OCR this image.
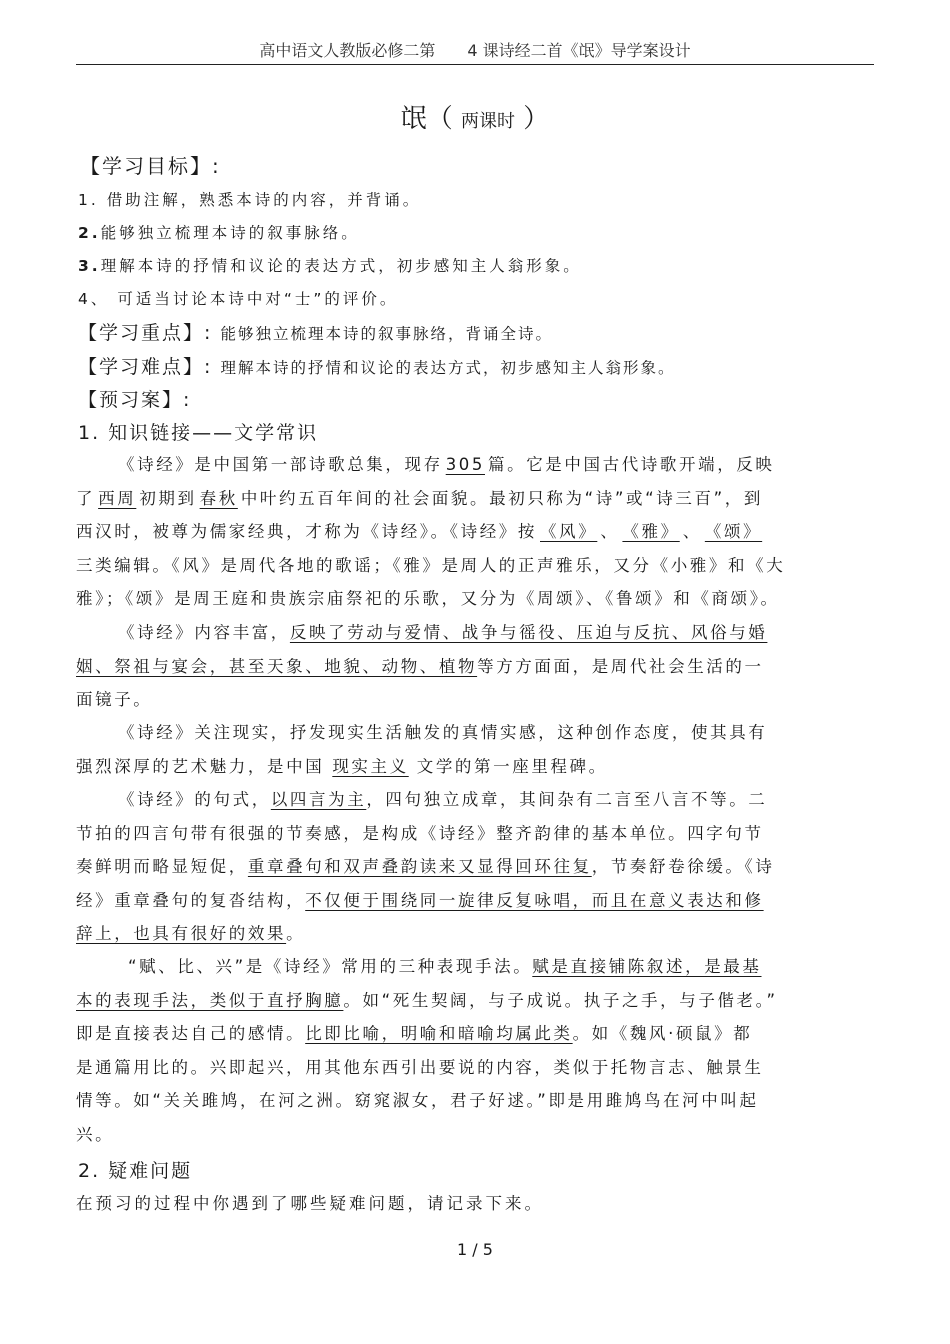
高中语文人教版必修二第　　4 课诗经二首《氓》导学案设计
氓（ 两课时 ）
【学习目标】:
1. 借助注解，熟悉本诗的内容，并背诵。
2.能够独立梳理本诗的叙事脉络。
3.理解本诗的抒情和议论的表达方式，初步感知主人翁形象。
4、 可适当讨论本诗中对“士”的评价。
【学习重点】: 能够独立梳理本诗的叙事脉络，背诵全诗。
【学习难点】: 理解本诗的抒情和议论的表达方式，初步感知主人翁形象。
【预习案】:
1. 知识链接——文学常识
《诗经》是中国第一部诗歌总集，现存 305 篇。它是中国古代诗歌开端，反映
了 西周 初期到 春秋 中叶约五百年间的社会面貌。最初只称为“诗”或“诗三百”，到
西汉时，被尊为儒家经典，才称为《诗经》。《诗经》按 《风》 、 《雅》 、 《颂》
三类编辑。《风》是周代各地的歌谣；《雅》是周人的正声雅乐，又分《小雅》和《大
雅》；《颂》是周王庭和贵族宗庙祭祀的乐歌，又分为《周颂》、《鲁颂》和《商颂》。
《诗经》内容丰富，反映了劳动与爱情、战争与徭役、压迫与反抗、风俗与婚
姻、祭祖与宴会，甚至天象、地貌、动物、植物等方方面面，是周代社会生活的一
面镜子。
《诗经》关注现实，抒发现实生活触发的真情实感，这种创作态度，使其具有
强烈深厚的艺术魅力，是中国 现实主义 文学的第一座里程碑。
《诗经》的句式，以四言为主，四句独立成章，其间杂有二言至八言不等。二
节拍的四言句带有很强的节奏感，是构成《诗经》整齐韵律的基本单位。四字句节
奏鲜明而略显短促，重章叠句和双声叠韵读来又显得回环往复，节奏舒卷徐缓。《诗
经》重章叠句的复沓结构，不仅便于围绕同一旋律反复咏唱，而且在意义表达和修
辞上，也具有很好的效果。
“赋、比、兴”是《诗经》常用的三种表现手法。赋是直接铺陈叙述，是最基
本的表现手法，类似于直抒胸臆。如“死生契阔，与子成说。执子之手，与子偕老。”
即是直接表达自己的感情。比即比喻，明喻和暗喻均属此类。如《魏风·硕鼠》都
是通篇用比的。兴即起兴，用其他东西引出要说的内容，类似于托物言志、触景生
情等。如“关关雎鸠，在河之洲。窈窕淑女，君子好逑。”即是用雎鸠鸟在河中叫起
兴。
2. 疑难问题
在预习的过程中你遇到了哪些疑难问题，请记录下来。
1 / 5
